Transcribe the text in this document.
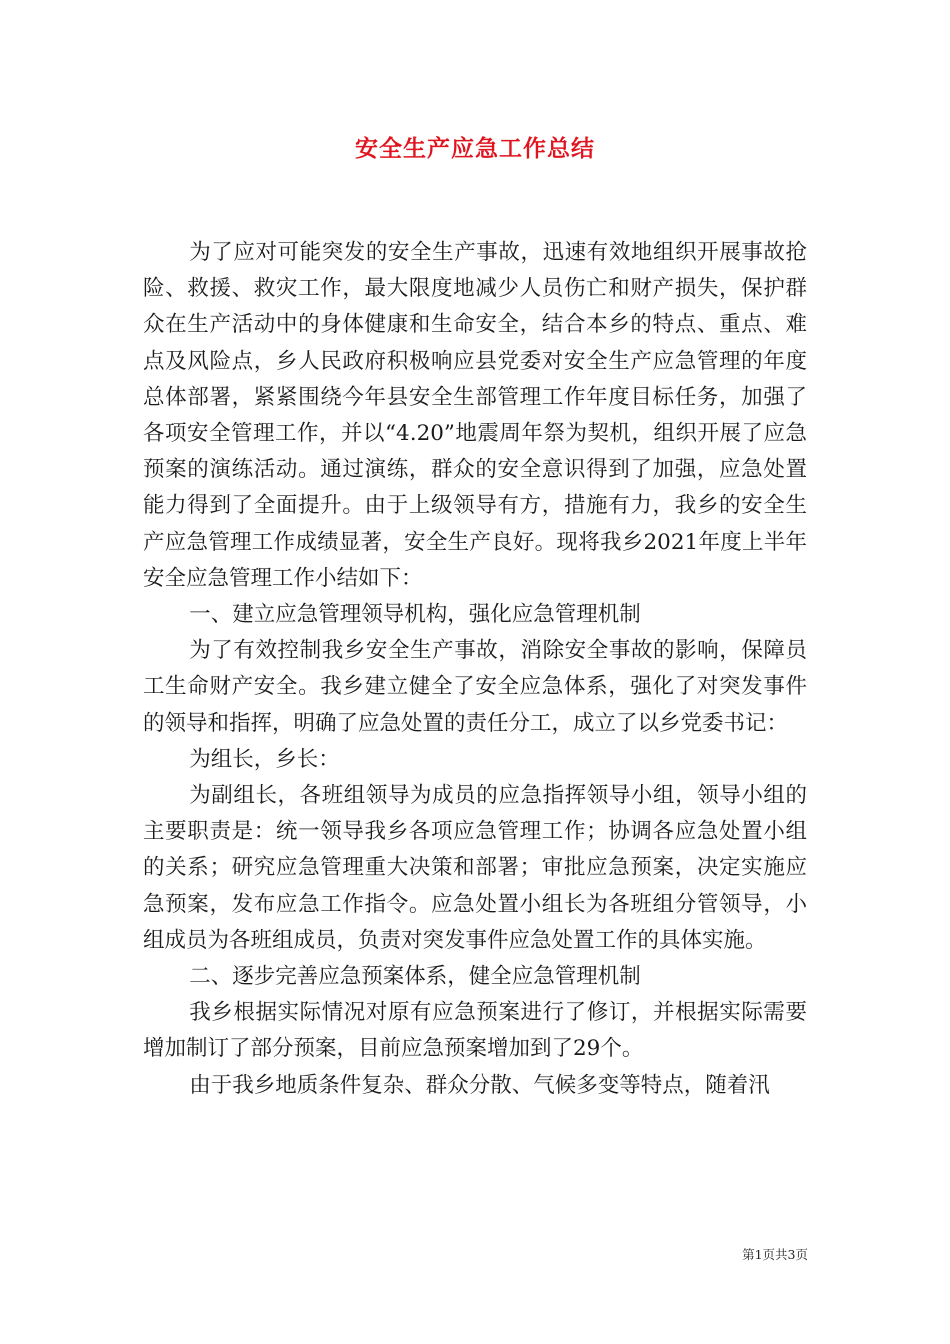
安全生产应急工作总结

为了应对可能突发的安全生产事故，迅速有效地组织开展事故抢险、救援、救灾工作，最大限度地减少人员伤亡和财产损失，保护群众在生产活动中的身体健康和生命安全，结合本乡的特点、重点、难点及风险点，乡人民政府积极响应县党委对安全生产应急管理的年度总体部署，紧紧围绕今年县安全生部管理工作年度目标任务，加强了各项安全管理工作，并以“4.20”地震周年祭为契机，组织开展了应急预案的演练活动。通过演练，群众的安全意识得到了加强，应急处置能力得到了全面提升。由于上级领导有方，措施有力，我乡的安全生产应急管理工作成绩显著，安全生产良好。现将我乡2021年度上半年安全应急管理工作小结如下：

一、建立应急管理领导机构，强化应急管理机制

为了有效控制我乡安全生产事故，消除安全事故的影响，保障员工生命财产安全。我乡建立健全了安全应急体系，强化了对突发事件的领导和指挥，明确了应急处置的责任分工，成立了以乡党委书记：

为组长，乡长：

为副组长，各班组领导为成员的应急指挥领导小组，领导小组的主要职责是：统一领导我乡各项应急管理工作；协调各应急处置小组的关系；研究应急管理重大决策和部署；审批应急预案，决定实施应急预案，发布应急工作指令。应急处置小组长为各班组分管领导，小组成员为各班组成员，负责对突发事件应急处置工作的具体实施。

二、逐步完善应急预案体系，健全应急管理机制

我乡根据实际情况对原有应急预案进行了修订，并根据实际需要增加制订了部分预案，目前应急预案增加到了29个。

由于我乡地质条件复杂、群众分散、气候多变等特点，随着汛

第1页共3页
